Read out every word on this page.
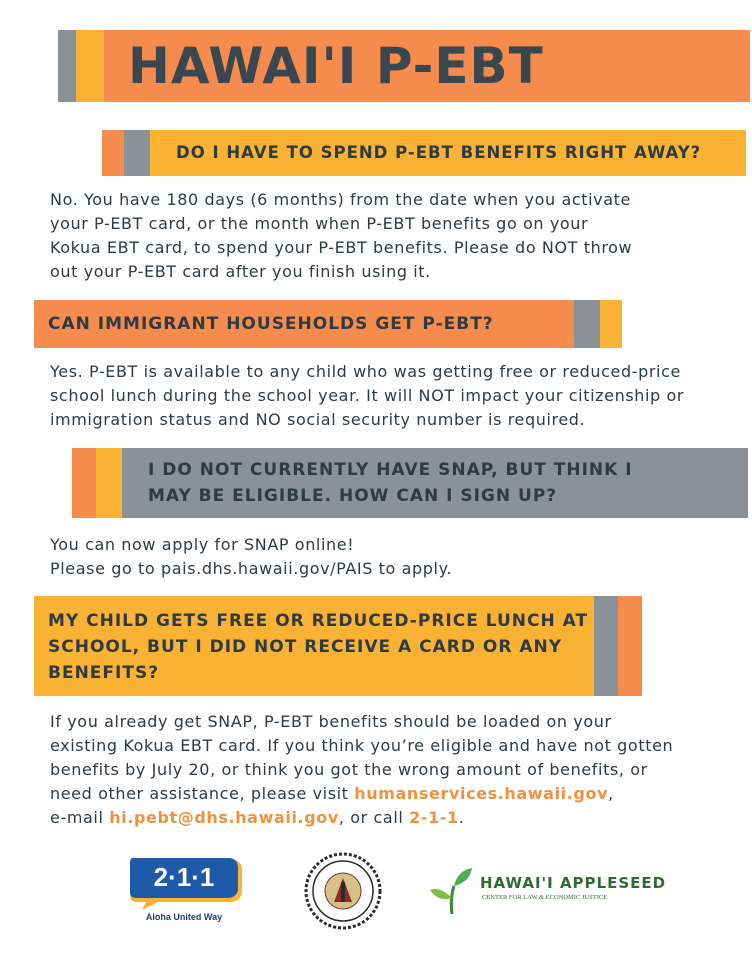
HAWAI'I P-EBT
DO I HAVE TO SPEND P-EBT BENEFITS RIGHT AWAY?
No. You have 180 days (6 months) from the date when you activate
your P-EBT card, or the month when P-EBT benefits go on your
Kokua EBT card, to spend your P-EBT benefits. Please do NOT throw
out your P-EBT card after you finish using it.
CAN IMMIGRANT HOUSEHOLDS GET P-EBT?
Yes. P-EBT is available to any child who was getting free or reduced-price
school lunch during the school year. It will NOT impact your citizenship or
immigration status and NO social security number is required.
I DO NOT CURRENTLY HAVE SNAP, BUT THINK I
MAY BE ELIGIBLE. HOW CAN I SIGN UP?
You can now apply for SNAP online!
Please go to pais.dhs.hawaii.gov/PAIS to apply.
MY CHILD GETS FREE OR REDUCED-PRICE LUNCH AT
SCHOOL, BUT I DID NOT RECEIVE A CARD OR ANY
BENEFITS?
If you already get SNAP, P-EBT benefits should be loaded on your
existing Kokua EBT card. If you think you’re eligible and have not gotten
benefits by July 20, or think you got the wrong amount of benefits, or
need other assistance, please visit humanservices.hawaii.gov,
e-mail hi.pebt@dhs.hawaii.gov, or call 2-1-1.
2·1·1
Aloha United Way
HAWAI'I APPLESEED
CENTER FOR LAW & ECONOMIC JUSTICE
